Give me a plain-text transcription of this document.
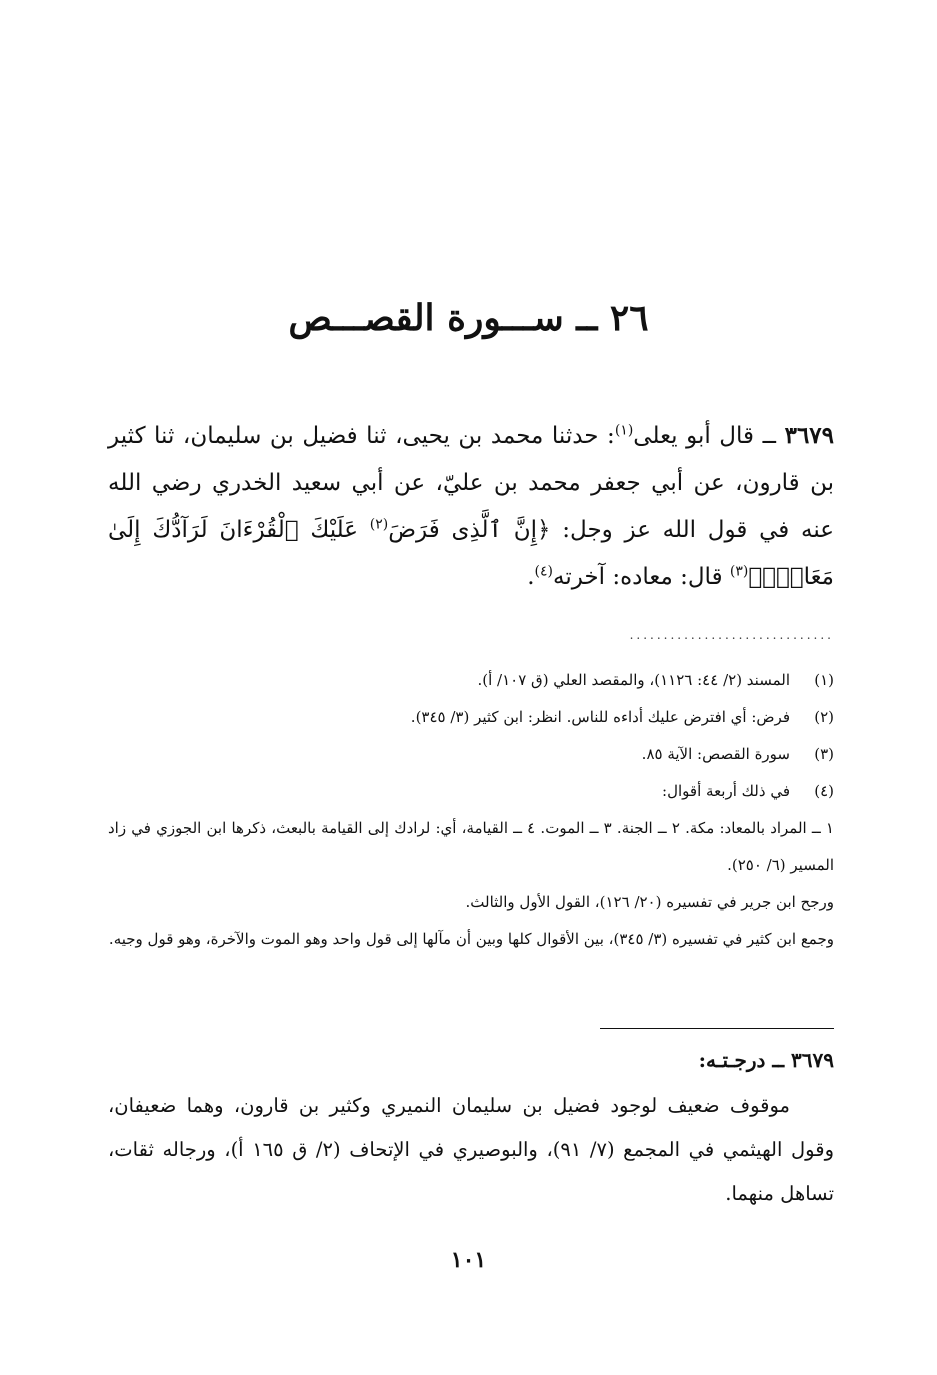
٢٦ ــ ســـورة القصـــص

٣٦٧٩ ــ قال أبو يعلى$^{(١)}$: حدثنا محمد بن يحيى، ثنا فضيل بن سليمان، ثنا كثير بن قارون، عن أبي جعفر محمد بن عليّ، عن أبي سعيد الخدري رضي الله عنه في قول الله عز وجل: ﴿إِنَّ ٱلَّذِى فَرَضَ$^{(٢)}$ عَلَيْكَ ٱلْقُرْءَانَ لَرَآدُّكَ إِلَىٰ مَعَادٍۚ﴾$^{(٣)}$ قال: معاده: آخرته$^{(٤)}$.

..............................
(١)
المسند (٢/ ٤٤: ١١٢٦)، والمقصد العلي (ق ١٠٧/ أ).
(٢)
فرض: أي افترض عليك أداءه للناس. انظر: ابن كثير (٣/ ٣٤٥).
(٣)
سورة القصص: الآية ٨٥.
(٤)
في ذلك أربعة أقوال:

١ ــ المراد بالمعاد: مكة. ٢ ــ الجنة. ٣ ــ الموت. ٤ ــ القيامة، أي: لرادك إلى القيامة بالبعث، ذكرها ابن الجوزي في زاد المسير (٦/ ٢٥٠).

ورجح ابن جرير في تفسيره (٢٠/ ١٢٦)، القول الأول والثالث.

وجمع ابن كثير في تفسيره (٣/ ٣٤٥)، بين الأقوال كلها وبين أن مآلها إلى قول واحد وهو الموت والآخرة، وهو قول وجيه.

٣٦٧٩ ــ درجـتـه:

موقوف ضعيف لوجود فضيل بن سليمان النميري وكثير بن قارون، وهما ضعيفان، وقول الهيثمي في المجمع (٧/ ٩١)، والبوصيري في الإتحاف (٢/ ق ١٦٥ أ)، ورجاله ثقات، تساهل منهما.

١٠١
